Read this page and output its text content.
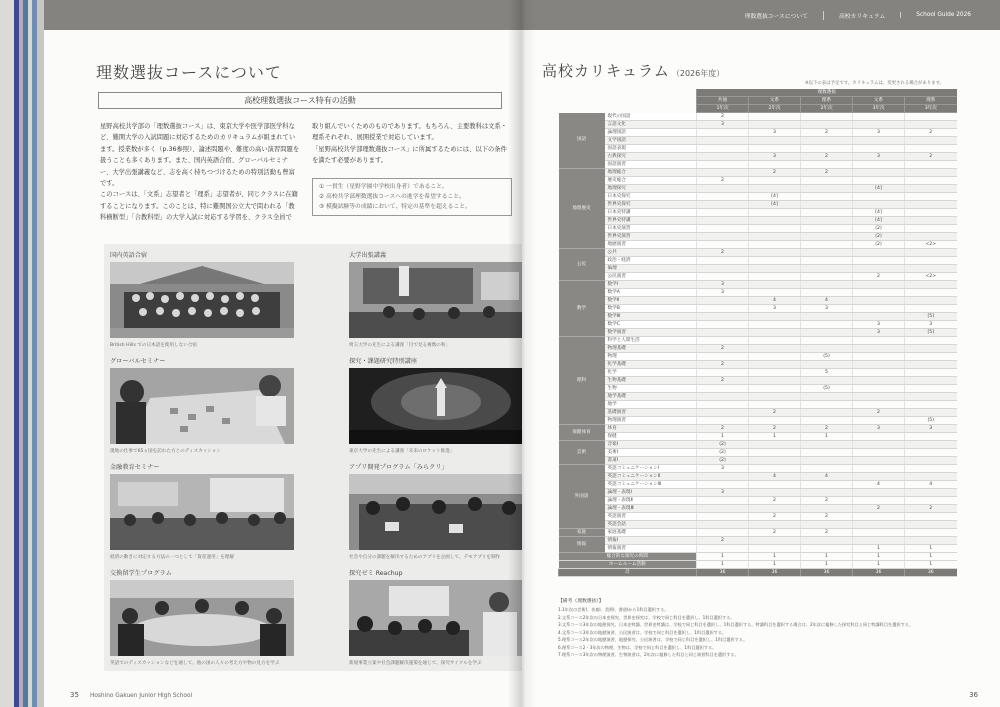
理数選抜コースについて
高校理数選抜コース特有の活動
星野高校共学部の「理数選抜コース」は、東京大学や医学部医学科など、難関大学の入試問題に対応するためのカリキュラムが組まれています。授業数が多く（p.36参照）、論述問題や、難度の高い演習問題を扱うことも多くあります。また、国内英語合宿、グローバルセミナー、大学出張講義など、志を高く持ちつづけるための特別活動も豊富です。
このコースは、「文系」志望者と「理系」志望者が、同じクラスに在籍することになります。このことは、特に難関国公立大で問われる「教科横断型」「合教科型」の大学入試に対応する学習を、クラス全員で
取り組んでいくためのものであります。もちろん、主要教科は文系・理系それぞれ、展開授業で対応しています。
「星野高校共学部理数選抜コース」に所属するためには、以下の条件を満たす必要があります。
① 一貫生（星野学園中学校出身者）であること。
② 高校共学部理数選抜コースへの進学を希望すること。
③ 模擬試験等の成績において、特定の基準を超えること。
国内英語合宿
British Hills での日本語を使用しない合宿
大学出張講義
埼玉大学の先生による講義「目で見る複数の和」
グローバルセミナー
現地の仕事で65ヵ国を訪れた方とのディスカッション
探究・課題研究特別講座
東京大学の先生による講義「未来のロケット推進」
金融教育セミナー
経済の動きに対応する方法の一つとして「資産運用」を理解
アプリ開発プログラム「みらクリ」
社会や自分の課題を解決するためのアプリを企画して、デモアプリを制作
交換留学生プログラム
英語でのディスカッションなどを通して、他の国の人々の考え方や物の見方を学ぶ
探究ゼミ Reachup
新規事業立案や社会課題解決施策を通じて、探究サイクルを学ぶ
35 Hoshino Gakuen Junior High School
理数選抜コースについて	高校カリキュラム	School Guide 2026
高校カリキュラム （2026年度）
※以下の表は予定です。カリキュラムは、変更される場合があります。
		理数選抜				
		共通	文系	理系	文系	理系
		1年次	2年次	2年次	3年次	3年次
国語	現代の国語	2				
	言語文化	3				
	論理国語		3	2	3	2
	文学国語					
	国語表現					
	古典探究		3	2	3	2
	国語演習					
地理歴史	地理総合		2	2		
	歴史総合	2				
	地理探究				[4]	
	日本史探究		[4]			
	世界史探究		[4]			
	日本史特講				[4]	
	世界史特講				[4]	
	日本史演習				(2)	
	世界史演習				(2)	
	地歴演習				(2)	<2>
公民	公共	2				
	政治・経済					
	倫理					
	公民演習				2	<2>
数学	数学Ⅰ	3				
	数学A	3				
	数学Ⅱ		4	4		
	数学B		3	3		
	数学Ⅲ					[5]
	数学C				3	3
	数学演習				3	[5]
理科	科学と人間生活					
	物理基礎	2				
	物理			(5)		
	化学基礎	2				
	化学			5		
	生物基礎	2				
	生物			(5)		
	地学基礎					
	地学					
	基礎演習		2		2	
	物理演習					(5)
保健体育	体育	2	2	2	3	3
	保健	1	1	1		
芸術	音楽Ⅰ	(2)				
	美術Ⅰ	(2)				
	書道Ⅰ	(2)				
外国語	英語コミュニケーションⅠ	3				
	英語コミュニケーションⅡ		4	4		
	英語コミュニケーションⅢ				4	4
	論理・表現Ⅰ	3				
	論理・表現Ⅱ		2	2		
	論理・表現Ⅲ				2	2
	英語演習		2	2		
	英語会話					
家庭	家庭基礎		2	2		
情報	情報Ⅰ	2				
	情報演習				1	1
総合的な探究の時間		1	1	1	1	1
ホームルーム活動		1	1	1	1	1
計		36	36	36	36	36
【備考（理数選抜）】
1.1年次の芸術Ⅰ、音楽Ⅰ、美術Ⅰ、書道Ⅰから1科目選択する。
2.文系コース2年次の日本史探究、世界史探究は、学校で同じ科目を選択し、1科目選択する。
3.文系コース3年次の地理探究、日本史特講、世界史特講は、学校で同じ科目を選択し、1科目選択する。特講科目を選択する場合は、2年次に履修した探究科目と同じ特講科目を選択する。
4.文系コース3年次の地歴演習、公民演習は、学校で同じ科目を選択し、1科目選択する。
5.理系コース2年次の地歴演習、地歴探究、公民演習は、学校で同じ科目を選択し、1科目選択する。
6.理系コース2・3年次の物理、生物は、学校で同じ科目を選択し、1科目選択する。
7.理系コース3年次の物理演習、生物演習は、2年次に履修した科目と同じ演習科目を選択する。
36
